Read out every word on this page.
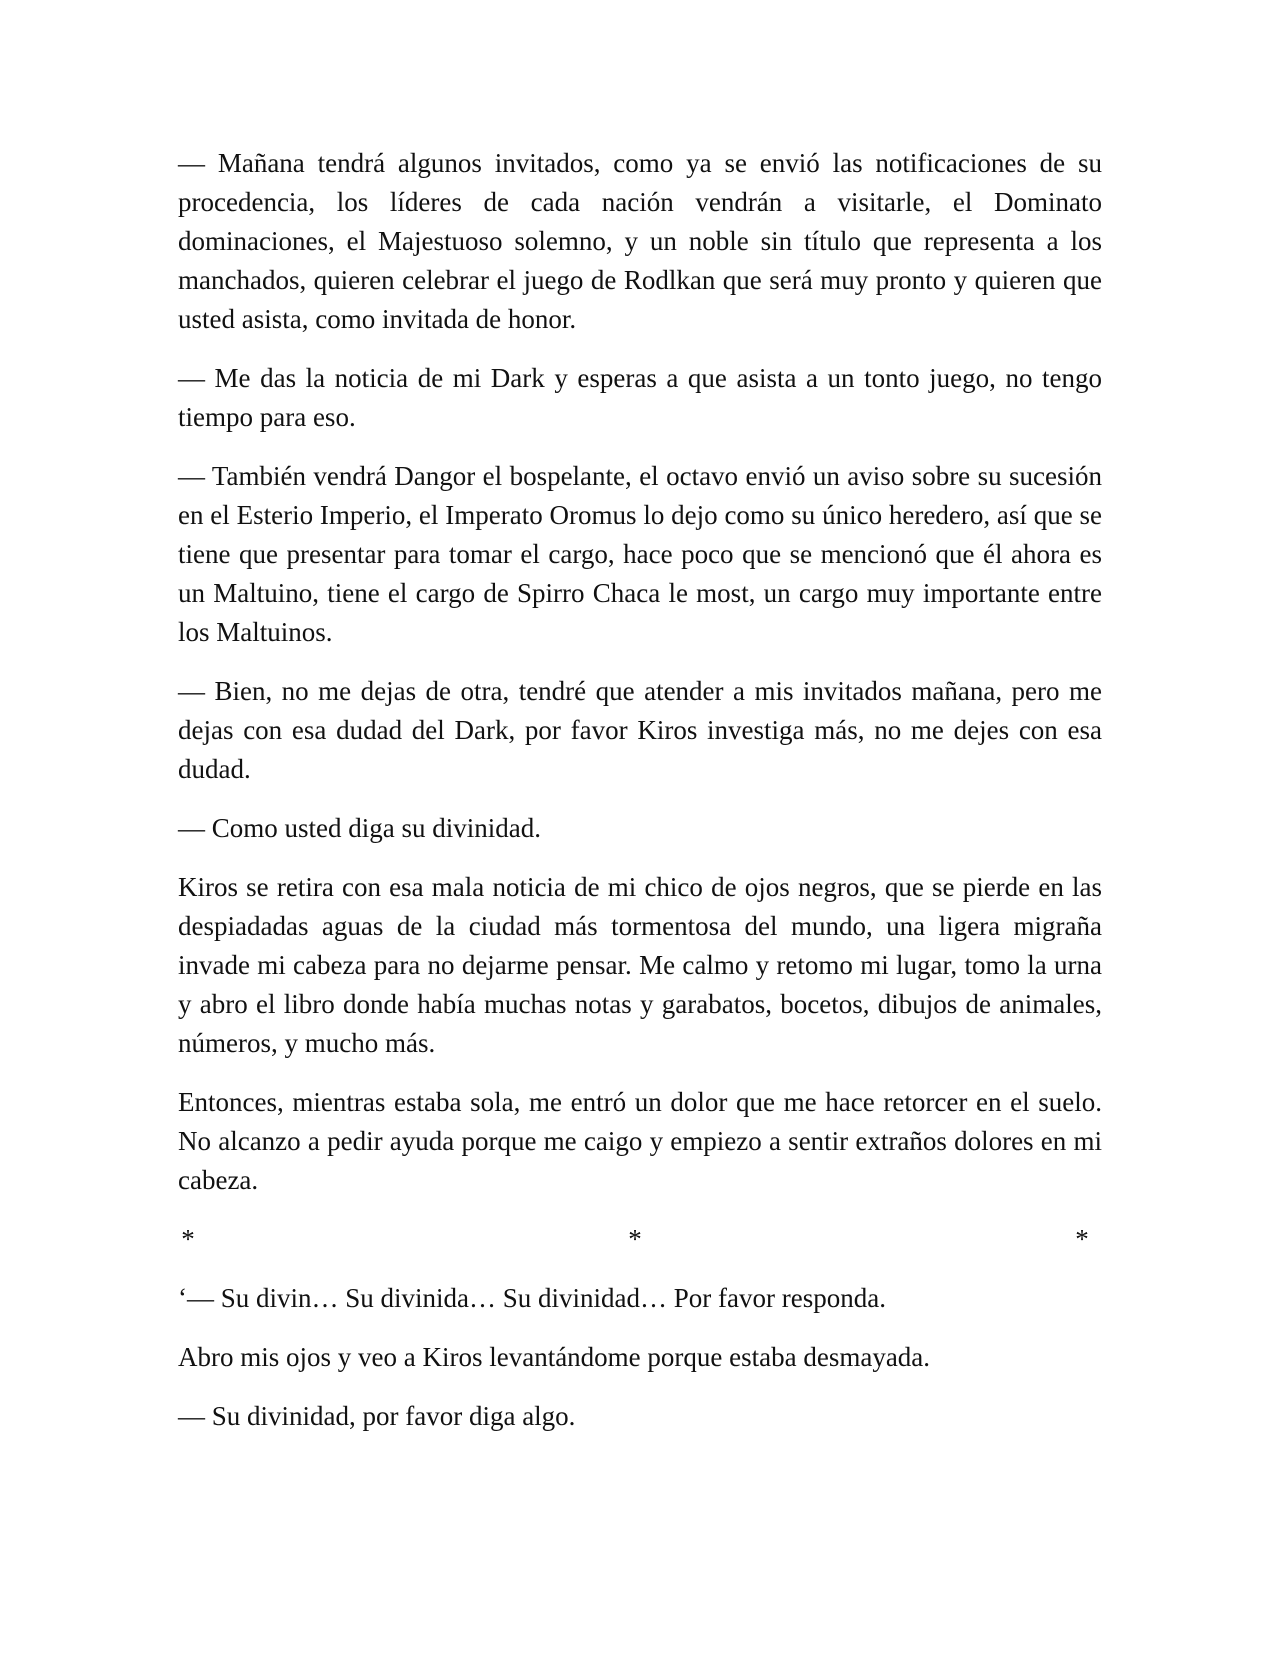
— Mañana tendrá algunos invitados, como ya se envió las notificaciones de su procedencia, los líderes de cada nación vendrán a visitarle, el Dominato dominaciones, el Majestuoso solemno, y un noble sin título que representa a los manchados, quieren celebrar el juego de Rodlkan que será muy pronto y quieren que usted asista, como invitada de honor.

— Me das la noticia de mi Dark y esperas a que asista a un tonto juego, no tengo tiempo para eso.

— También vendrá Dangor el bospelante, el octavo envió un aviso sobre su sucesión en el Esterio Imperio, el Imperato Oromus lo dejo como su único heredero, así que se tiene que presentar para tomar el cargo, hace poco que se mencionó que él ahora es un Maltuino, tiene el cargo de Spirro Chaca le most, un cargo muy importante entre los Maltuinos.

— Bien, no me dejas de otra, tendré que atender a mis invitados mañana, pero me dejas con esa dudad del Dark, por favor Kiros investiga más, no me dejes con esa dudad.

— Como usted diga su divinidad.

Kiros se retira con esa mala noticia de mi chico de ojos negros, que se pierde en las despiadadas aguas de la ciudad más tormentosa del mundo, una ligera migraña invade mi cabeza para no dejarme pensar. Me calmo y retomo mi lugar, tomo la urna y abro el libro donde había muchas notas y garabatos, bocetos, dibujos de animales, números, y mucho más.

Entonces, mientras estaba sola, me entró un dolor que me hace retorcer en el suelo. No alcanzo a pedir ayuda porque me caigo y empiezo a sentir extraños dolores en mi cabeza.

*	*	*

‘— Su divin… Su divinida… Su divinidad… Por favor responda.

Abro mis ojos y veo a Kiros levantándome porque estaba desmayada.

— Su divinidad, por favor diga algo.
